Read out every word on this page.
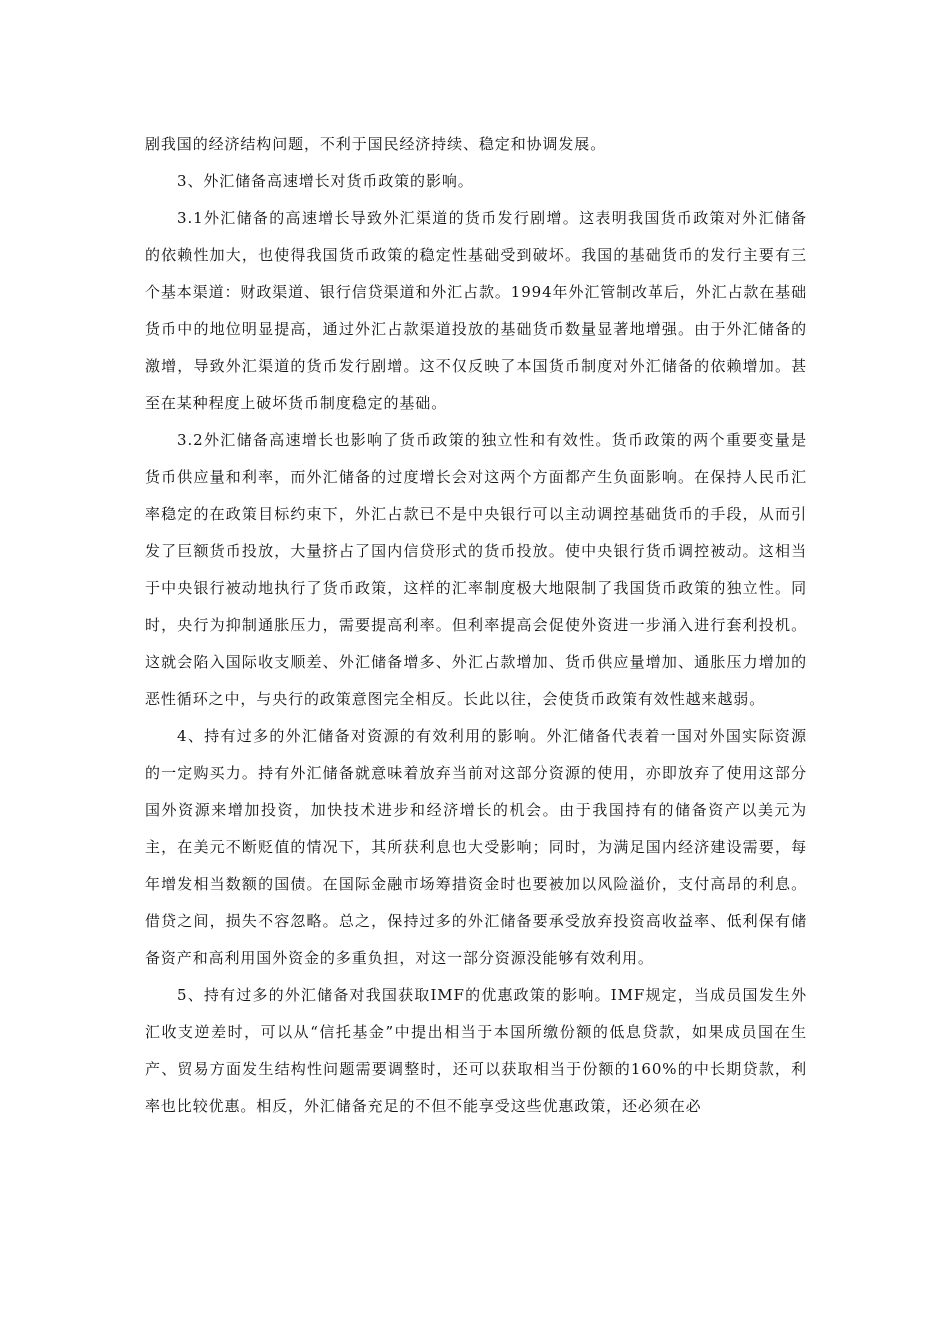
剧我国的经济结构问题，不利于国民经济持续、稳定和协调发展。

3、外汇储备高速增长对货币政策的影响。

3.1外汇储备的高速增长导致外汇渠道的货币发行剧增。这表明我国货币政策对外汇储备的依赖性加大，也使得我国货币政策的稳定性基础受到破坏。我国的基础货币的发行主要有三个基本渠道：财政渠道、银行信贷渠道和外汇占款。1994年外汇管制改革后，外汇占款在基础货币中的地位明显提高，通过外汇占款渠道投放的基础货币数量显著地增强。由于外汇储备的激增，导致外汇渠道的货币发行剧增。这不仅反映了本国货币制度对外汇储备的依赖增加。甚至在某种程度上破坏货币制度稳定的基础。

3.2外汇储备高速增长也影响了货币政策的独立性和有效性。货币政策的两个重要变量是货币供应量和利率，而外汇储备的过度增长会对这两个方面都产生负面影响。在保持人民币汇率稳定的在政策目标约束下，外汇占款已不是中央银行可以主动调控基础货币的手段，从而引发了巨额货币投放，大量挤占了国内信贷形式的货币投放。使中央银行货币调控被动。这相当于中央银行被动地执行了货币政策，这样的汇率制度极大地限制了我国货币政策的独立性。同时，央行为抑制通胀压力，需要提高利率。但利率提高会促使外资进一步涌入进行套利投机。这就会陷入国际收支顺差、外汇储备增多、外汇占款增加、货币供应量增加、通胀压力增加的恶性循环之中，与央行的政策意图完全相反。长此以往，会使货币政策有效性越来越弱。

4、持有过多的外汇储备对资源的有效利用的影响。外汇储备代表着一国对外国实际资源的一定购买力。持有外汇储备就意味着放弃当前对这部分资源的使用，亦即放弃了使用这部分国外资源来增加投资，加快技术进步和经济增长的机会。由于我国持有的储备资产以美元为主，在美元不断贬值的情况下，其所获利息也大受影响；同时，为满足国内经济建设需要，每年增发相当数额的国债。在国际金融市场筹措资金时也要被加以风险溢价，支付高昂的利息。借贷之间，损失不容忽略。总之，保持过多的外汇储备要承受放弃投资高收益率、低利保有储备资产和高利用国外资金的多重负担，对这一部分资源没能够有效利用。

5、持有过多的外汇储备对我国获取IMF的优惠政策的影响。IMF规定，当成员国发生外汇收支逆差时，可以从“信托基金”中提出相当于本国所缴份额的低息贷款，如果成员国在生产、贸易方面发生结构性问题需要调整时，还可以获取相当于份额的160%的中长期贷款，利率也比较优惠。相反，外汇储备充足的不但不能享受这些优惠政策，还必须在必
